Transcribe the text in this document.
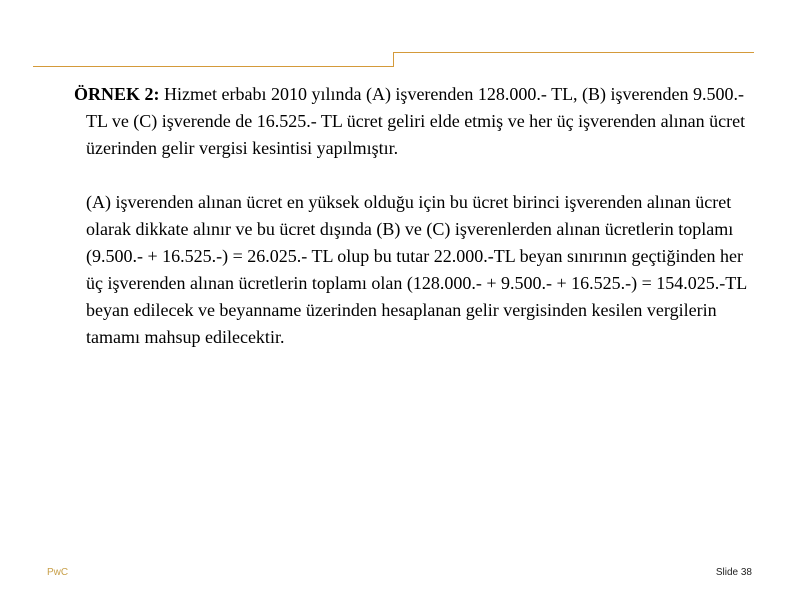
ÖRNEK 2: Hizmet erbabı 2010 yılında (A) işverenden 128.000.- TL, (B) işverenden 9.500.-TL ve (C) işverende de 16.525.- TL ücret geliri elde etmiş ve her üç işverenden alınan ücret üzerinden gelir vergisi kesintisi yapılmıştır.

(A) işverenden alınan ücret en yüksek olduğu için bu ücret birinci işverenden alınan ücret olarak dikkate alınır ve bu ücret dışında (B) ve (C) işverenlerden alınan ücretlerin toplamı (9.500.- + 16.525.-) = 26.025.- TL olup bu tutar 22.000.-TL beyan sınırının geçtiğinden her üç işverenden alınan ücretlerin toplamı olan (128.000.- + 9.500.- + 16.525.-) = 154.025.-TL beyan edilecek ve beyanname üzerinden hesaplanan gelir vergisinden kesilen vergilerin tamamı mahsup edilecektir.

PwC	Slide 38
